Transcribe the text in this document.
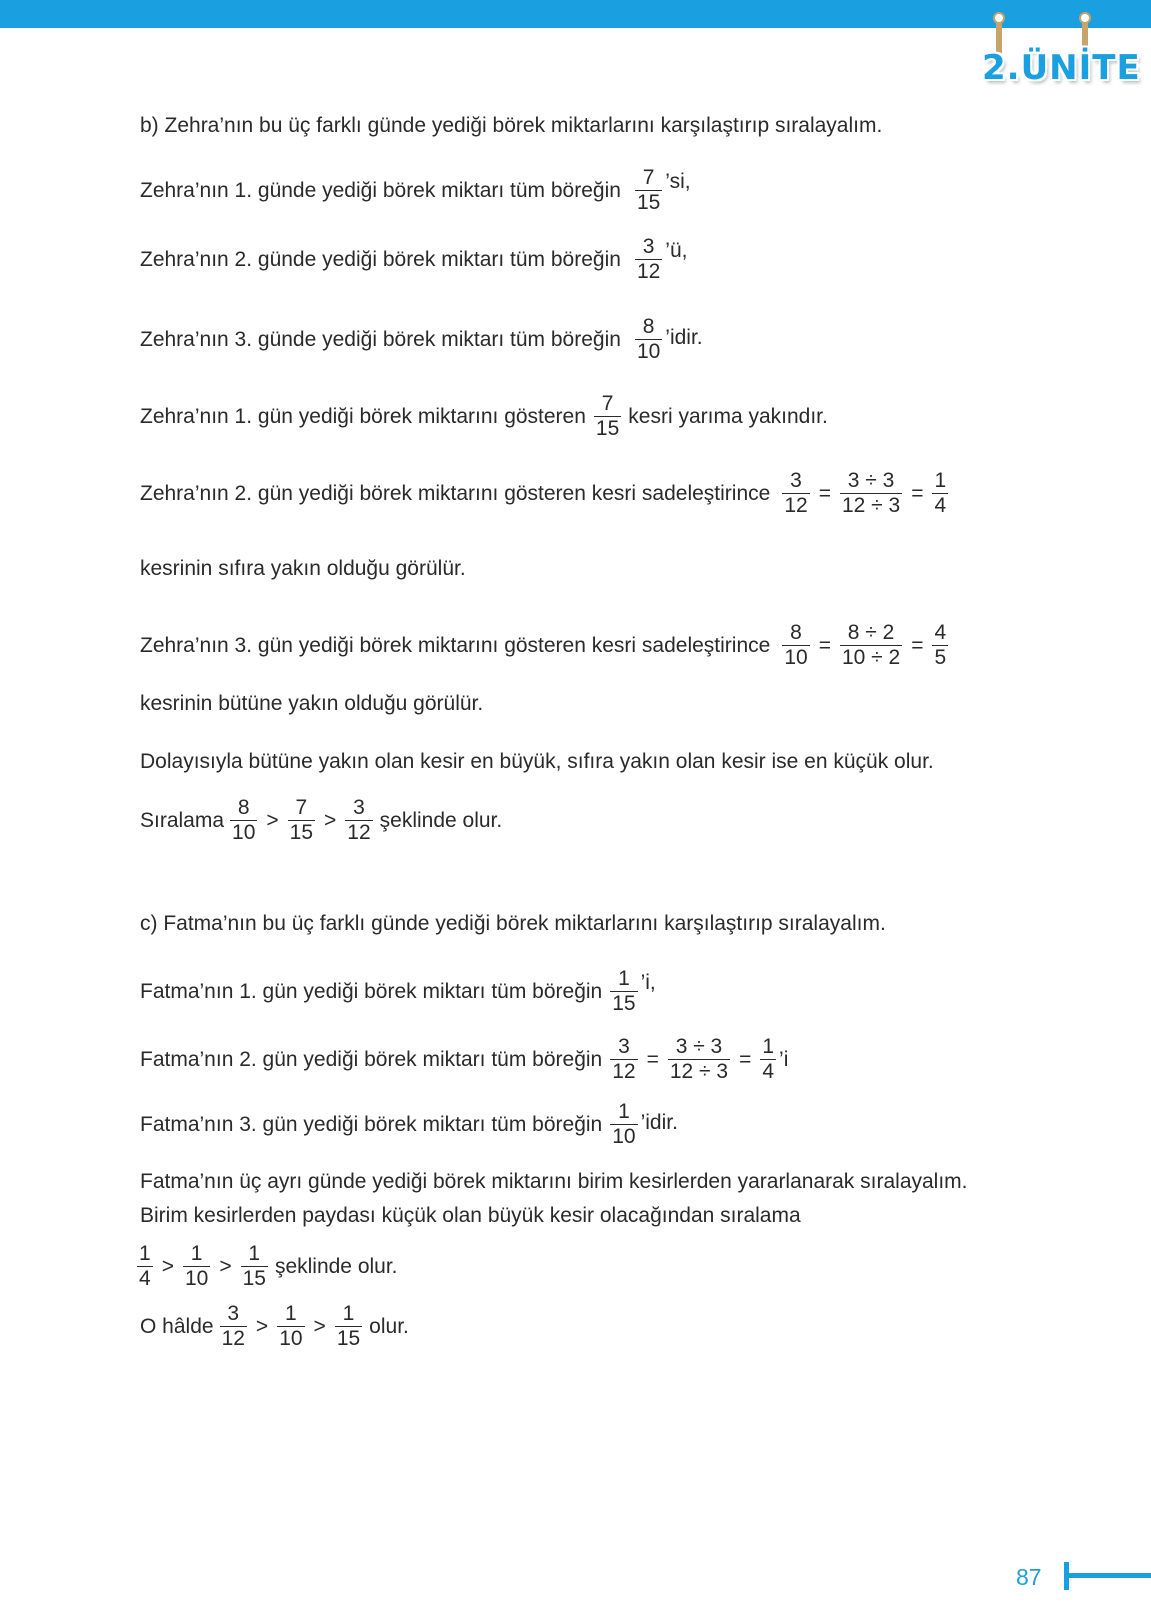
2.ÜNİTE
b) Zehra’nın bu üç farklı günde yediği börek miktarlarını karşılaştırıp sıralayalım.
Zehra’nın 1. günde yediği börek miktarı tüm böreğin $\frac{7}{15}$ ’si,
Zehra’nın 2. günde yediği börek miktarı tüm böreğin $\frac{3}{12}$ ’ü,
Zehra’nın 3. günde yediği börek miktarı tüm böreğin $\frac{8}{10}$ ’idir.
Zehra’nın 1. gün yediği börek miktarını gösteren $\frac{7}{15}$ kesri yarıma yakındır.
Zehra’nın 2. gün yediği börek miktarını gösteren kesri sadeleştirince $\frac{3}{12} = \frac{3 \div 3}{12 \div 3} = \frac{1}{4}$
kesrinin sıfıra yakın olduğu görülür.
Zehra’nın 3. gün yediği börek miktarını gösteren kesri sadeleştirince $\frac{8}{10} = \frac{8 \div 2}{10 \div 2} = \frac{4}{5}$
kesrinin bütüne yakın olduğu görülür.
Dolayısıyla bütüne yakın olan kesir en büyük, sıfıra yakın olan kesir ise en küçük olur.
Sıralama $\frac{8}{10} > \frac{7}{15} > \frac{3}{12}$ şeklinde olur.
c) Fatma’nın bu üç farklı günde yediği börek miktarlarını karşılaştırıp sıralayalım.
Fatma’nın 1. gün yediği börek miktarı tüm böreğin $\frac{1}{15}$ ’i,
Fatma’nın 2. gün yediği börek miktarı tüm böreğin $\frac{3}{12} = \frac{3 \div 3}{12 \div 3} = \frac{1}{4}$ ’i
Fatma’nın 3. gün yediği börek miktarı tüm böreğin $\frac{1}{10}$ ’idir.
Fatma’nın üç ayrı günde yediği börek miktarını birim kesirlerden yararlanarak sıralayalım.
Birim kesirlerden paydası küçük olan büyük kesir olacağından sıralama
$\frac{1}{4} > \frac{1}{10} > \frac{1}{15}$ şeklinde olur.
O hâlde $\frac{3}{12} > \frac{1}{10} > \frac{1}{15}$ olur.
87
